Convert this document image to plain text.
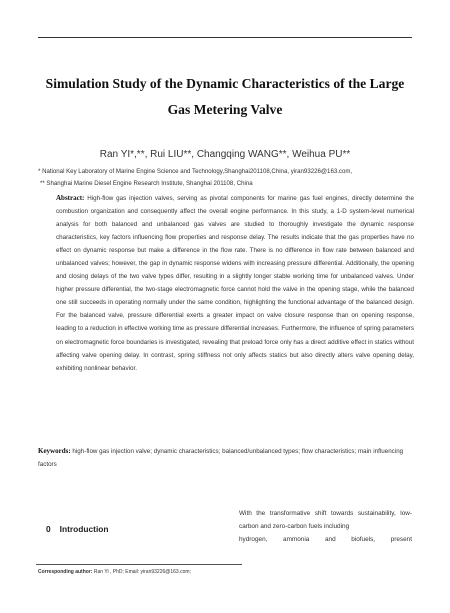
Simulation Study of the Dynamic Characteristics of the Large
Gas Metering Valve

Ran YI*,**, Rui LIU**, Changqing WANG**, Weihua PU**

* National Key Laboratory of Marine Engine Science and Technology,Shanghai201108,China, yiran93226@163.com,

** Shanghai Marine Diesel Engine Research Institute, Shanghai 201108, China

Abstract: High-flow gas injection valves, serving as pivotal components for marine gas fuel engines, directly determine the combustion organization and consequently affect the overall engine performance. In this study, a 1-D system-level numerical analysis for both balanced and unbalanced gas valves are studied to thoroughly investigate the dynamic response characteristics, key factors influencing flow properties and response delay. The results indicate that the gas properties have no effect on dynamic response but make a difference in the flow rate. There is no difference in flow rate between balanced and unbalanced valves; however, the gap in dynamic response widens with increasing pressure differential. Additionally, the opening and closing delays of the two valve types differ, resulting in a slightly longer stable working time for unbalanced valves. Under higher pressure differential, the two-stage electromagnetic force cannot hold the valve in the opening stage, while the balanced one still succeeds in operating normally under the same condition, highlighting the functional advantage of the balanced design. For the balanced valve, pressure differential exerts a greater impact on valve closure response than on opening response, leading to a reduction in effective working time as pressure differential increases. Furthermore, the influence of spring parameters on electromagnetic force boundaries is investigated, revealing that preload force only has a direct additive effect in statics without affecting valve opening delay. In contrast, spring stiffness not only affects statics but also directly alters valve opening delay, exhibiting nonlinear behavior.

Keywords: high-flow gas injection valve; dynamic characteristics; balanced/unbalanced types; flow characteristics; main influencing factors

0 Introduction

With the transformative shift towards sustainability, low-carbon and zero-carbon fuels including
hydrogen, ammonia and biofuels, present

Corresponding author: Ran Yi , PhD; Email: yiran93226@163.com;
